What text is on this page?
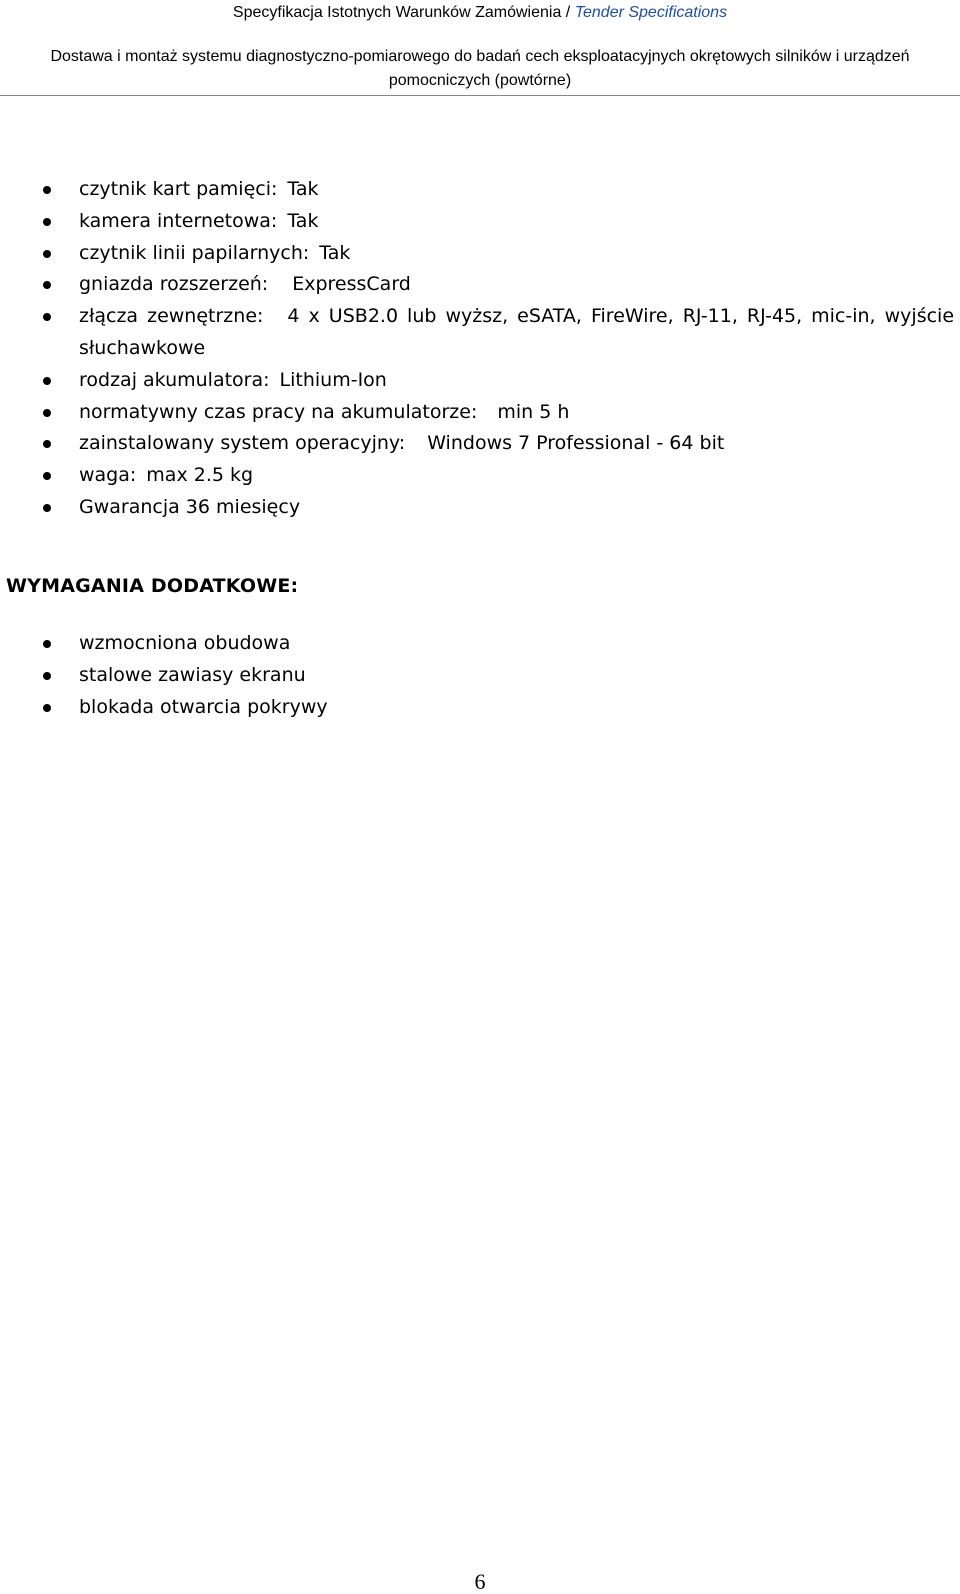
Specyfikacja Istotnych Warunków Zamówienia / Tender Specifications
Dostawa i montaż systemu diagnostyczno-pomiarowego do badań cech eksploatacyjnych okrętowych silników i urządzeń pomocniczych (powtórne)
czytnik kart pamięci: Tak
kamera internetowa: Tak
czytnik linii papilarnych: Tak
gniazda rozszerzeń: ExpressCard
złącza zewnętrzne: 4 x USB2.0 lub wyższ, eSATA, FireWire, RJ-11, RJ-45, mic-in, wyjście słuchawkowe
rodzaj akumulatora: Lithium-Ion
normatywny czas pracy na akumulatorze: min 5 h
zainstalowany system operacyjny: Windows 7 Professional - 64 bit
waga: max 2.5 kg
Gwarancja 36 miesięcy
WYMAGANIA DODATKOWE:
wzmocniona obudowa
stalowe zawiasy ekranu
blokada otwarcia pokrywy
6
